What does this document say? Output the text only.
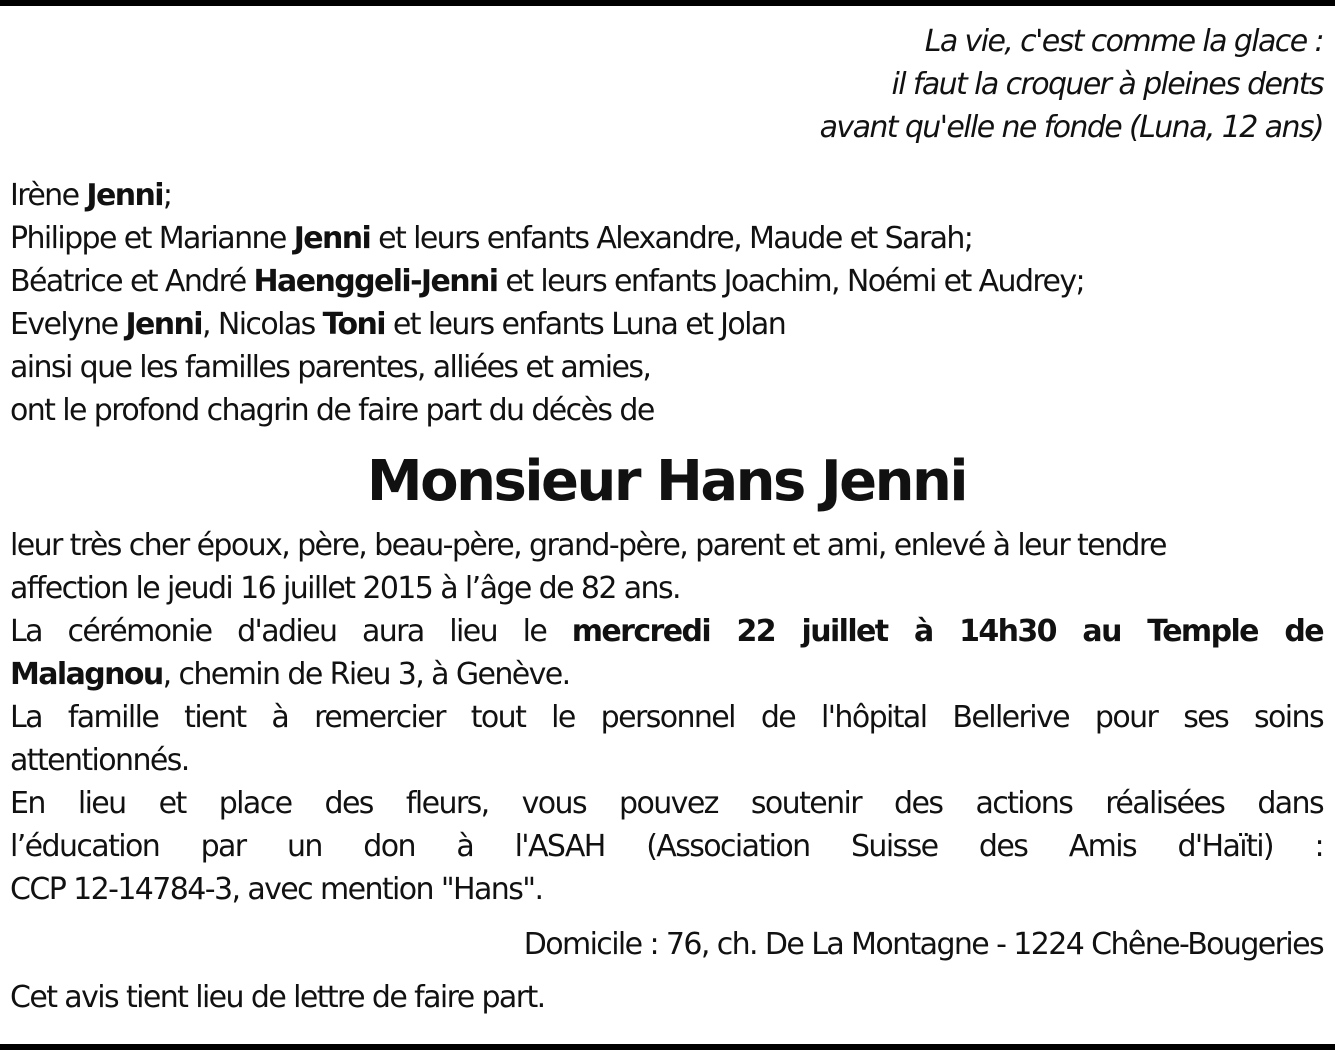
La vie, c'est comme la glace :
il faut la croquer à pleines dents
avant qu'elle ne fonde (Luna, 12 ans)
Irène Jenni;
Philippe et Marianne Jenni et leurs enfants Alexandre, Maude et Sarah;
Béatrice et André Haenggeli-Jenni et leurs enfants Joachim, Noémi et Audrey;
Evelyne Jenni, Nicolas Toni et leurs enfants Luna et Jolan
ainsi que les familles parentes, alliées et amies,
ont le profond chagrin de faire part du décès de
Monsieur Hans Jenni
leur très cher époux, père, beau-père, grand-père, parent et ami, enlevé à leur tendre
affection le jeudi 16 juillet 2015 à l’âge de 82 ans.
La cérémonie d'adieu aura lieu le mercredi 22 juillet à 14h30 au Temple de
Malagnou, chemin de Rieu 3, à Genève.
La famille tient à remercier tout le personnel de l'hôpital Bellerive pour ses soins
attentionnés.
En lieu et place des fleurs, vous pouvez soutenir des actions réalisées dans
l’éducation par un don à l'ASAH (Association Suisse des Amis d'Haïti) :
CCP 12-14784-3, avec mention "Hans".
Domicile : 76, ch. De La Montagne - 1224 Chêne-Bougeries
Cet avis tient lieu de lettre de faire part.
